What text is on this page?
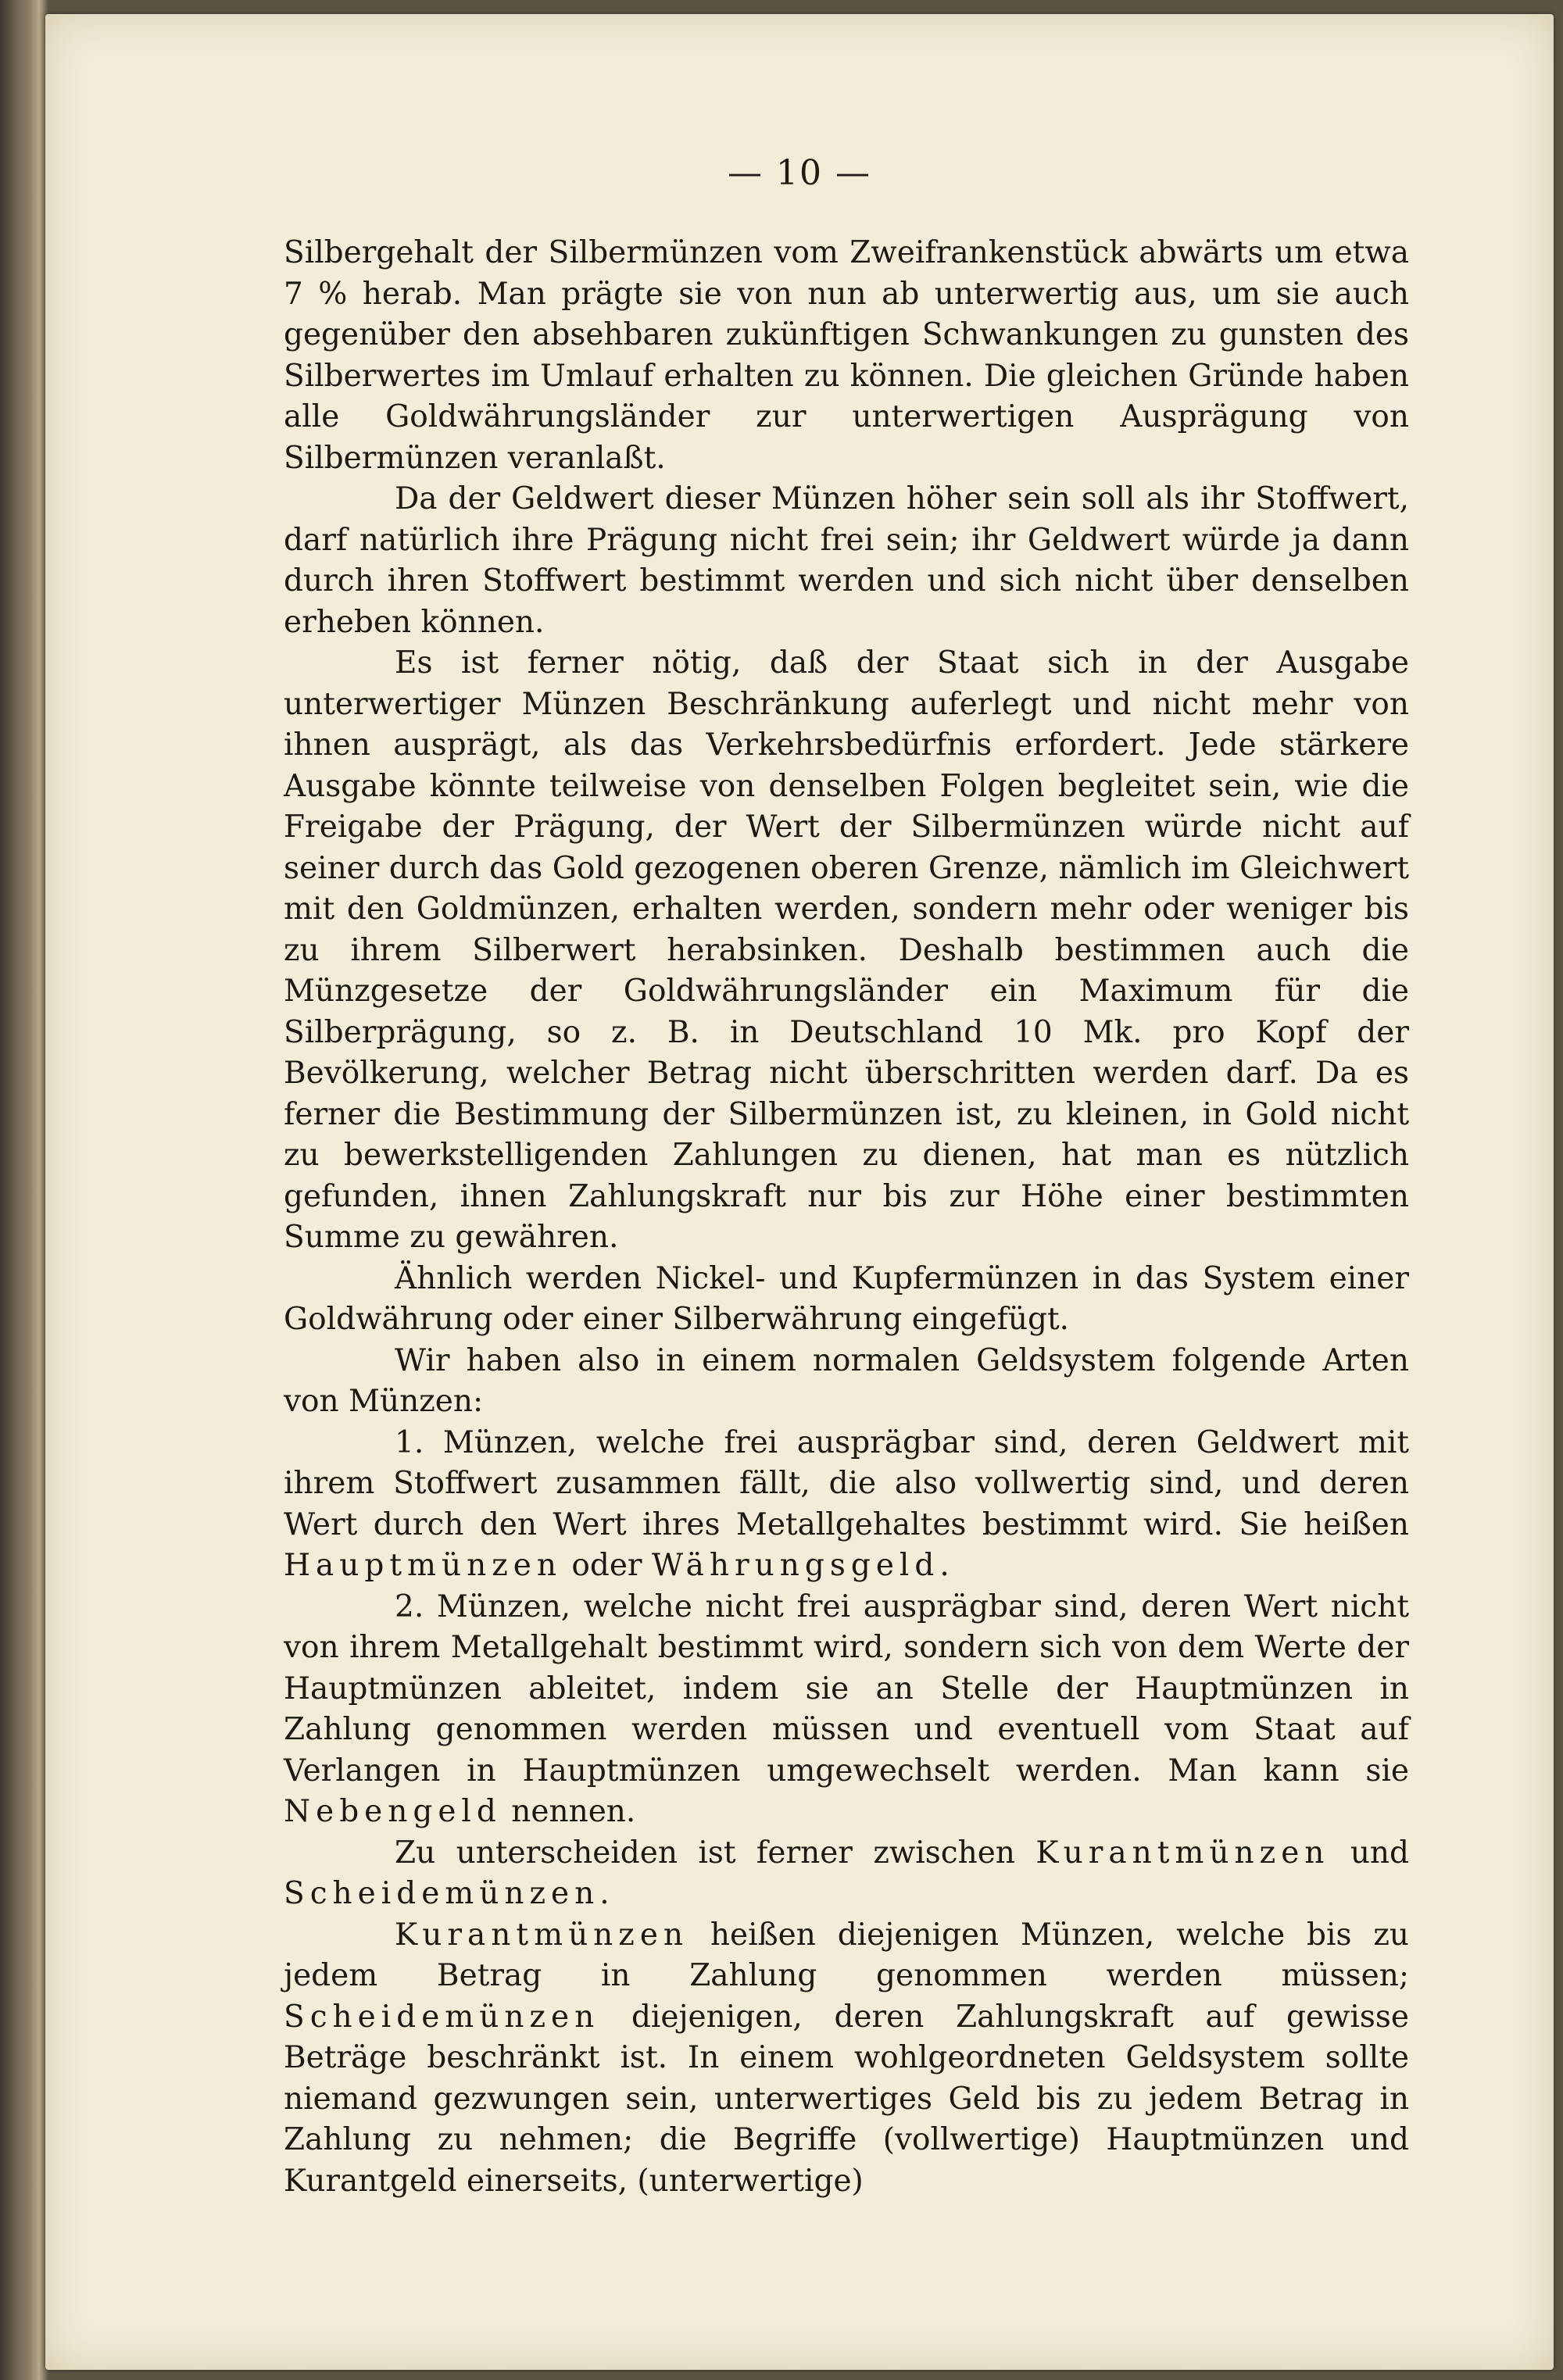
— 10 —

Silbergehalt der Silbermünzen vom Zweifrankenstück abwärts um etwa 7 % herab. Man prägte sie von nun ab unterwertig aus, um sie auch gegenüber den absehbaren zukünftigen Schwankungen zu gunsten des Silberwertes im Umlauf erhalten zu können. Die gleichen Gründe haben alle Goldwährungsländer zur unterwertigen Ausprägung von Silbermünzen veranlaßt.

Da der Geldwert dieser Münzen höher sein soll als ihr Stoffwert, darf natürlich ihre Prägung nicht frei sein; ihr Geldwert würde ja dann durch ihren Stoffwert bestimmt werden und sich nicht über denselben erheben können.

Es ist ferner nötig, daß der Staat sich in der Ausgabe unterwertiger Münzen Beschränkung auferlegt und nicht mehr von ihnen ausprägt, als das Verkehrsbedürfnis erfordert. Jede stärkere Ausgabe könnte teilweise von denselben Folgen begleitet sein, wie die Freigabe der Prägung, der Wert der Silbermünzen würde nicht auf seiner durch das Gold gezogenen oberen Grenze, nämlich im Gleichwert mit den Goldmünzen, erhalten werden, sondern mehr oder weniger bis zu ihrem Silberwert herabsinken. Deshalb bestimmen auch die Münzgesetze der Goldwährungsländer ein Maximum für die Silberprägung, so z. B. in Deutschland 10 Mk. pro Kopf der Bevölkerung, welcher Betrag nicht überschritten werden darf. Da es ferner die Bestimmung der Silbermünzen ist, zu kleinen, in Gold nicht zu bewerkstelligenden Zahlungen zu dienen, hat man es nützlich gefunden, ihnen Zahlungskraft nur bis zur Höhe einer bestimmten Summe zu gewähren.

Ähnlich werden Nickel- und Kupfermünzen in das System einer Goldwährung oder einer Silberwährung eingefügt.

Wir haben also in einem normalen Geldsystem folgende Arten von Münzen:

1. Münzen, welche frei ausprägbar sind, deren Geldwert mit ihrem Stoffwert zusammen fällt, die also vollwertig sind, und deren Wert durch den Wert ihres Metallgehaltes bestimmt wird. Sie heißen Hauptmünzen oder Währungsgeld.

2. Münzen, welche nicht frei ausprägbar sind, deren Wert nicht von ihrem Metallgehalt bestimmt wird, sondern sich von dem Werte der Hauptmünzen ableitet, indem sie an Stelle der Hauptmünzen in Zahlung genommen werden müssen und eventuell vom Staat auf Verlangen in Hauptmünzen umgewechselt werden. Man kann sie Nebengeld nennen.

Zu unterscheiden ist ferner zwischen Kurantmünzen und Scheidemünzen.

Kurantmünzen heißen diejenigen Münzen, welche bis zu jedem Betrag in Zahlung genommen werden müssen; Scheidemünzen diejenigen, deren Zahlungskraft auf gewisse Beträge beschränkt ist. In einem wohlgeordneten Geldsystem sollte niemand gezwungen sein, unterwertiges Geld bis zu jedem Betrag in Zahlung zu nehmen; die Begriffe (vollwertige) Hauptmünzen und Kurantgeld einerseits, (unterwertige)
